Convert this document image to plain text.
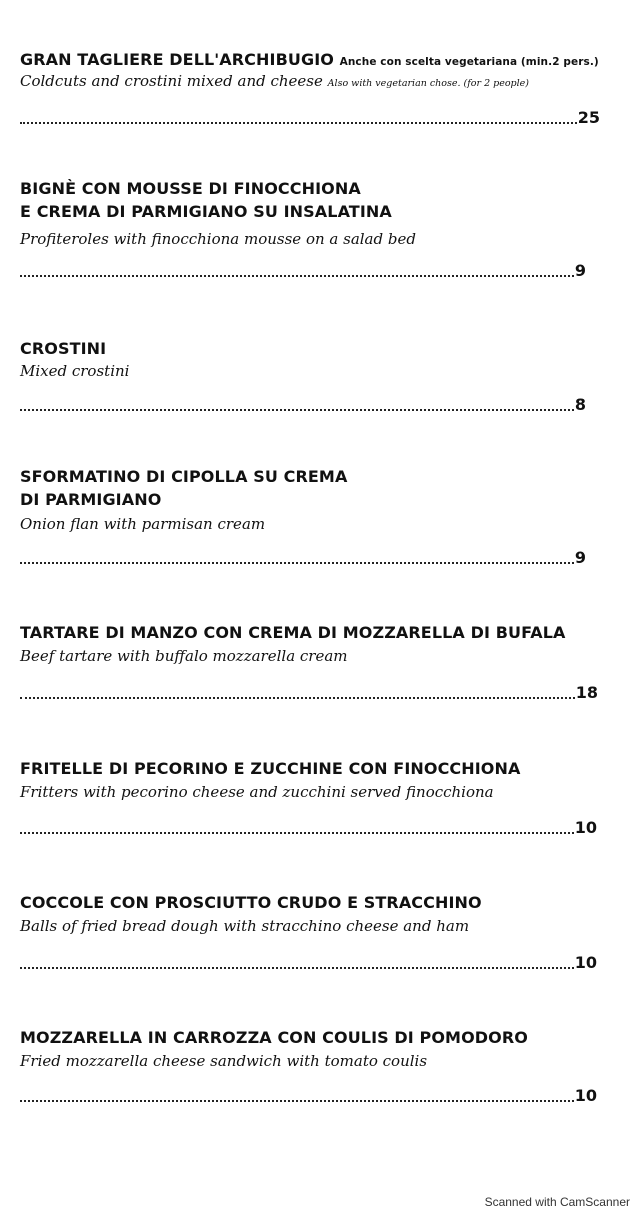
GRAN TAGLIERE DELL'ARCHIBUGIO Anche con scelta vegetariana (min.2 pers.)
Coldcuts and crostini mixed and cheese Also with vegetarian chose. (for 2 people)
25
BIGNÈ CON MOUSSE DI FINOCCHIONA
E CREMA DI PARMIGIANO SU INSALATINA
Profiteroles with finocchiona mousse on a salad bed
9
CROSTINI
Mixed crostini
8
SFORMATINO DI CIPOLLA SU CREMA
DI PARMIGIANO
Onion flan with parmisan cream
9
TARTARE DI MANZO CON CREMA DI MOZZARELLA DI BUFALA
Beef tartare with buffalo mozzarella cream
18
FRITELLE DI PECORINO E ZUCCHINE CON FINOCCHIONA
Fritters with pecorino cheese and zucchini served finocchiona
10
COCCOLE CON PROSCIUTTO CRUDO E STRACCHINO
Balls of fried bread dough with stracchino cheese and ham
10
MOZZARELLA IN CARROZZA CON COULIS DI POMODORO
Fried mozzarella cheese sandwich with tomato coulis
10
Scanned with CamScanner
